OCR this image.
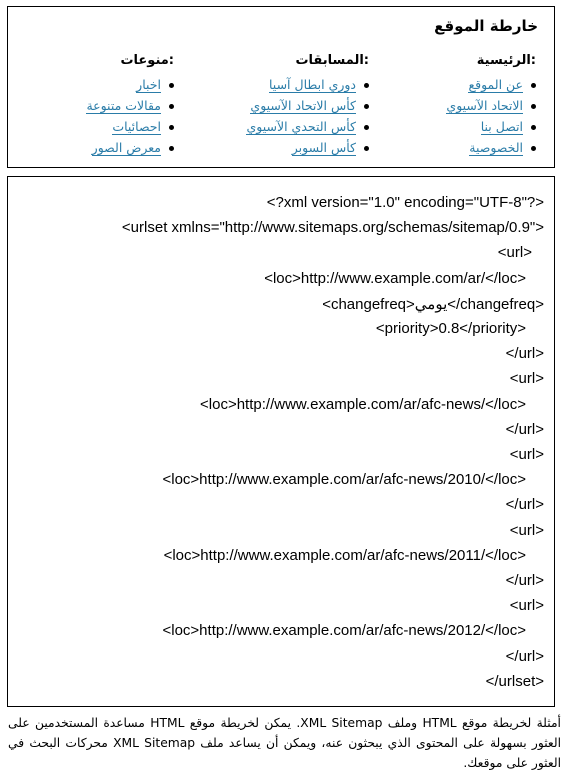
خارطة الموقع
:الرئيسية
عن الموقع
الاتحاد الآسيوي
اتصل بنا
الخصوصية
:المسابقات
دوري ابطال آسيا
كأس الاتحاد الآسيوي
كأس التحدي الآسيوي
كأس السوبر
:منوعات
اخبار
مقالات متنوعة
احصائيات
معرض الصور
<?xml version="1.0" encoding="UTF-8"?>
<urlset xmlns="http://www.sitemaps.org/schemas/sitemap/0.9">
<url>
<loc>http://www.example.com/ar/</loc>
<changefreq>يومي</changefreq>
<priority>0.8</priority>
</url>
<url>
<loc>http://www.example.com/ar/afc-news/</loc>
</url>
<url>
<loc>http://www.example.com/ar/afc-news/2010/</loc>
</url>
<url>
<loc>http://www.example.com/ar/afc-news/2011/</loc>
</url>
<url>
<loc>http://www.example.com/ar/afc-news/2012/</loc>
</url>
</urlset>
أمثلة لخريطة موقع HTML وملف XML Sitemap. يمكن لخريطة موقع HTML مساعدة المستخدمين على العثور بسهولة على المحتوى الذي يبحثون عنه، ويمكن أن يساعد ملف XML Sitemap محركات البحث في العثور على موقعك.
